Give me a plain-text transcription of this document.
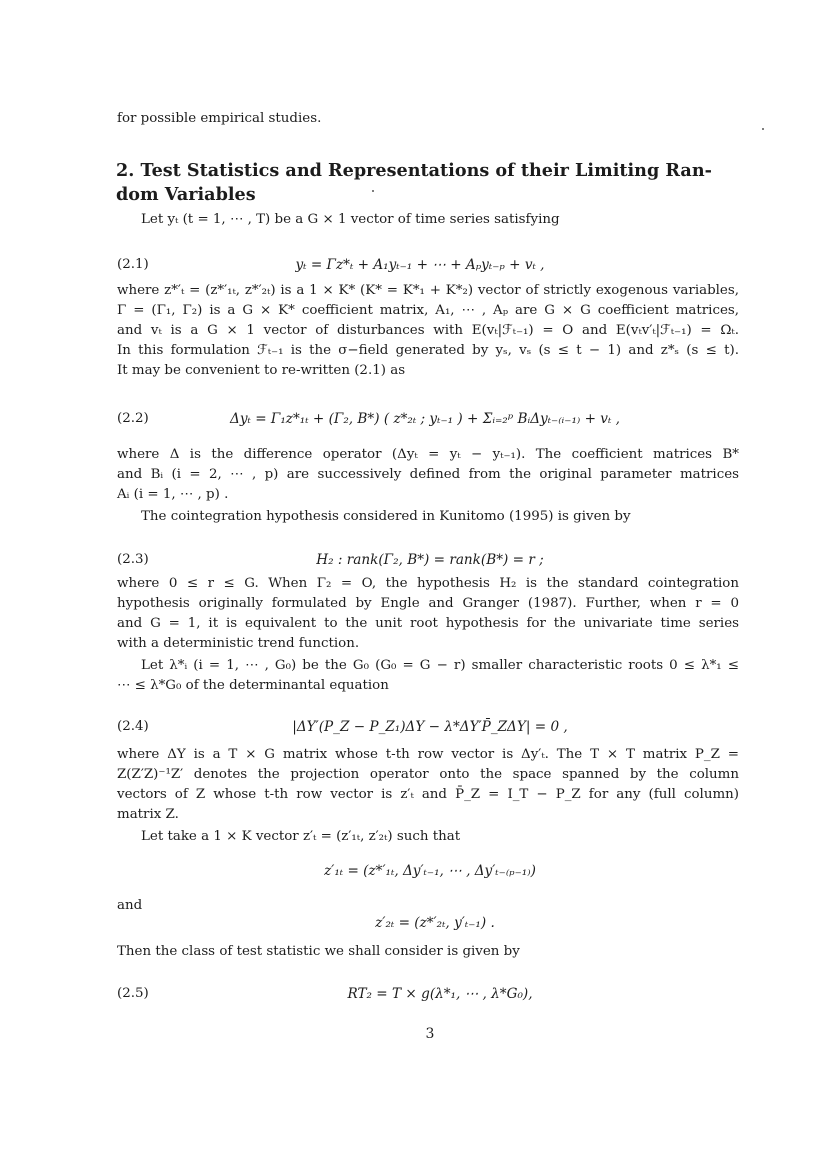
for possible empirical studies.
2. Test Statistics and Representations of their Limiting Ran-
dom Variables
Let yₜ (t = 1, ⋯ , T) be a G × 1 vector of time series satisfying
(2.1)	yₜ = Γz*ₜ + A₁yₜ₋₁ + ⋯ + Aₚyₜ₋ₚ + vₜ ,
where z*′ₜ = (z*′₁ₜ, z*′₂ₜ) is a 1 × K* (K* = K*₁ + K*₂) vector of strictly exogenous variables,
Γ = (Γ₁, Γ₂) is a G × K* coefficient matrix, A₁, ⋯ , Aₚ are G × G coefficient matrices,
and vₜ is a G × 1 vector of disturbances with E(vₜ|ℱₜ₋₁) = O and E(vₜv′ₜ|ℱₜ₋₁) = Ωₜ.
In this formulation ℱₜ₋₁ is the σ−field generated by yₛ, vₛ (s ≤ t − 1) and z*ₛ (s ≤ t).
It may be convenient to re-written (2.1) as
(2.2)	Δyₜ = Γ₁z*₁ₜ + (Γ₂, B*) ( z*₂ₜ ; yₜ₋₁ ) + Σᵢ₌₂ᵖ BᵢΔyₜ₋₍ᵢ₋₁₎ + vₜ ,
where Δ is the difference operator (Δyₜ = yₜ − yₜ₋₁). The coefficient matrices B*
and Bᵢ (i = 2, ⋯ , p) are successively defined from the original parameter matrices
Aᵢ (i = 1, ⋯ , p) .
The cointegration hypothesis considered in Kunitomo (1995) is given by
(2.3)	H₂ : rank(Γ₂, B*) = rank(B*) = r ;
where 0 ≤ r ≤ G. When Γ₂ = O, the hypothesis H₂ is the standard cointegration
hypothesis originally formulated by Engle and Granger (1987). Further, when r = 0
and G = 1, it is equivalent to the unit root hypothesis for the univariate time series
with a deterministic trend function.
Let λ*ᵢ (i = 1, ⋯ , G₀) be the G₀ (G₀ = G − r) smaller characteristic roots 0 ≤ λ*₁ ≤
⋯ ≤ λ*G₀ of the determinantal equation
(2.4)	|ΔY′(P_Z − P_Z₁)ΔY − λ*ΔY′P̄_ZΔY| = 0 ,
where ΔY is a T × G matrix whose t-th row vector is Δy′ₜ. The T × T matrix P_Z =
Z(Z′Z)⁻¹Z′ denotes the projection operator onto the space spanned by the column
vectors of Z whose t-th row vector is z′ₜ and P̄_Z = I_T − P_Z for any (full column)
matrix Z.
Let take a 1 × K vector z′ₜ = (z′₁ₜ, z′₂ₜ) such that
z′₁ₜ = (z*′₁ₜ, Δy′ₜ₋₁, ⋯ , Δy′ₜ₋₍ₚ₋₁₎)
and
z′₂ₜ = (z*′₂ₜ, y′ₜ₋₁) .
Then the class of test statistic we shall consider is given by
(2.5)	RT₂ = T × g(λ*₁, ⋯ , λ*G₀),
3
